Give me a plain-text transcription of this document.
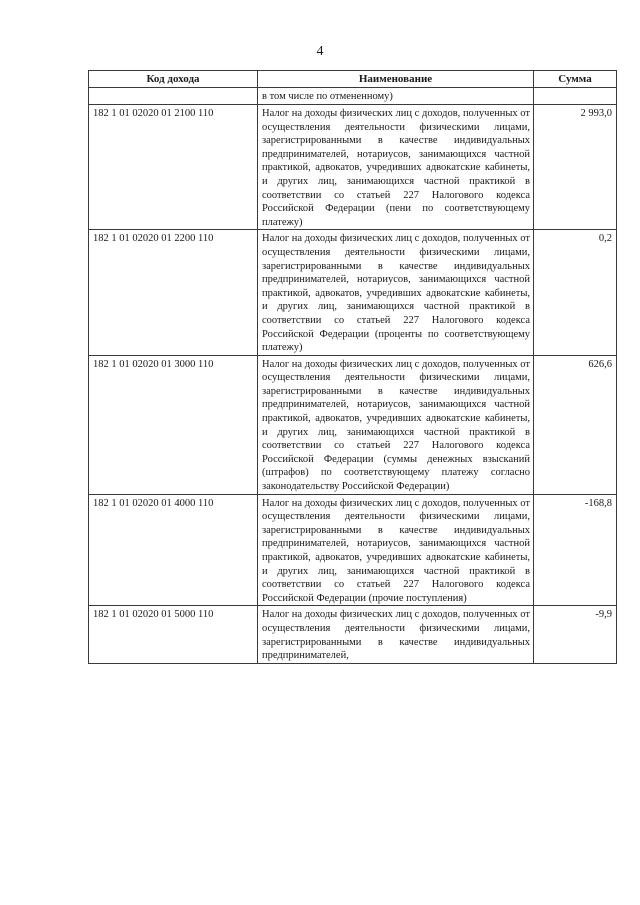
4
Код дохода	Наименование	Сумма
	в том числе по отмененному)	
182 1 01 02020 01 2100 110	Налог на доходы физических лиц с доходов, полученных от осуществления деятельности физическими лицами, зарегистрированными в качестве индивидуальных предпринимателей, нотариусов, занимающихся частной практикой, адвокатов, учредивших адвокатские кабинеты, и других лиц, занимающихся частной практикой в соответствии со статьей 227 Налогового кодекса Российской Федерации (пени по соответствующему платежу)	2 993,0
182 1 01 02020 01 2200 110	Налог на доходы физических лиц с доходов, полученных от осуществления деятельности физическими лицами, зарегистрированными в качестве индивидуальных предпринимателей, нотариусов, занимающихся частной практикой, адвокатов, учредивших адвокатские кабинеты, и других лиц, занимающихся частной практикой в соответствии со статьей 227 Налогового кодекса Российской Федерации (проценты по соответствующему платежу)	0,2
182 1 01 02020 01 3000 110	Налог на доходы физических лиц с доходов, полученных от осуществления деятельности физическими лицами, зарегистрированными в качестве индивидуальных предпринимателей, нотариусов, занимающихся частной практикой, адвокатов, учредивших адвокатские кабинеты, и других лиц, занимающихся частной практикой в соответствии со статьей 227 Налогового кодекса Российской Федерации (суммы денежных взысканий (штрафов) по соответствующему платежу согласно законодательству Российской Федерации)	626,6
182 1 01 02020 01 4000 110	Налог на доходы физических лиц с доходов, полученных от осуществления деятельности физическими лицами, зарегистрированными в качестве индивидуальных предпринимателей, нотариусов, занимающихся частной практикой, адвокатов, учредивших адвокатские кабинеты, и других лиц, занимающихся частной практикой в соответствии со статьей 227 Налогового кодекса Российской Федерации (прочие поступления)	-168,8
182 1 01 02020 01 5000 110	Налог на доходы физических лиц с доходов, полученных от осуществления деятельности физическими лицами, зарегистрированными в качестве индивидуальных предпринимателей,	-9,9
